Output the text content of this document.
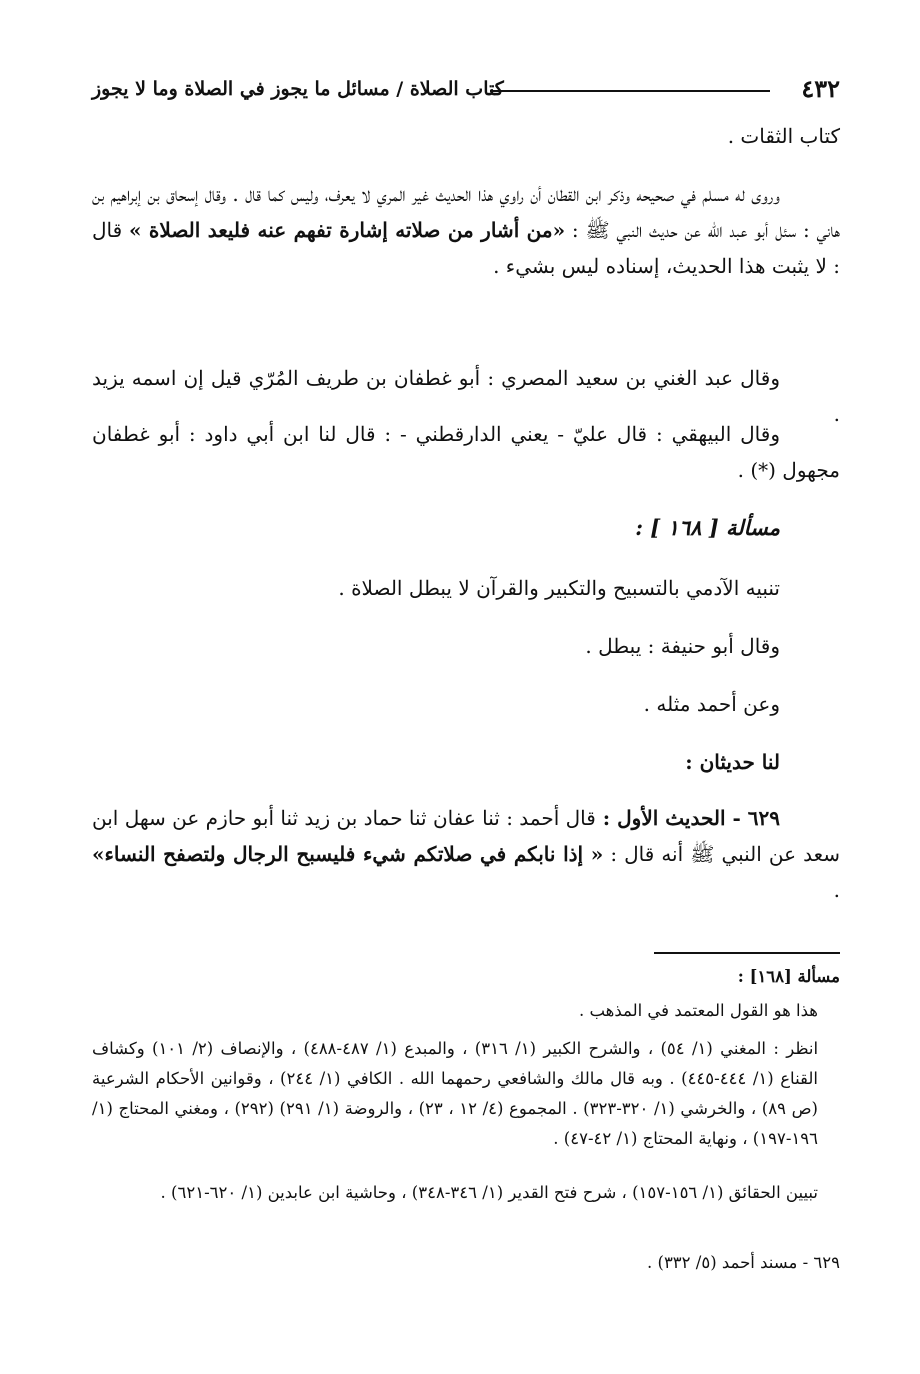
٤٣٢
كتاب الصلاة / مسائل ما يجوز في الصلاة وما لا يجوز
كتاب الثقات .
وروى له مسلم في صحيحه وذكر ابن القطان أن راوي هذا الحديث غير المري لا يعرف، وليس كما قال . وقال إسحاق بن إبراهيم بن هاني : سئل أبو عبد الله عن حديث النبي ﷺ : «من أشار من صلاته إشارة تفهم عنه فليعد الصلاة » قال : لا يثبت هذا الحديث، إسناده ليس بشيء .
وقال عبد الغني بن سعيد المصري : أبو غطفان بن طريف المُرّي قيل إن اسمه يزيد .
وقال البيهقي : قال عليّ - يعني الدارقطني - : قال لنا ابن أبي داود : أبو غطفان مجهول (*) .
مسألة [ ١٦٨ ] :
تنبيه الآدمي بالتسبيح والتكبير والقرآن لا يبطل الصلاة .
وقال أبو حنيفة : يبطل .
وعن أحمد مثله .
لنا حديثان :
٦٢٩ - الحديث الأول : قال أحمد : ثنا عفان ثنا حماد بن زيد ثنا أبو حازم عن سهل ابن سعد عن النبي ﷺ أنه قال : « إذا نابكم في صلاتكم شيء فليسبح الرجال ولتصفح النساء» .
مسألة [١٦٨] :
هذا هو القول المعتمد في المذهب .
انظر : المغني (١/ ٥٤) ، والشرح الكبير (١/ ٣١٦) ، والمبدع (١/ ٤٨٧-٤٨٨) ، والإنصاف (٢/ ١٠١) وكشاف القناع (١/ ٤٤٤-٤٤٥) . وبه قال مالك والشافعي رحمهما الله . الكافي (١/ ٢٤٤) ، وقوانين الأحكام الشرعية (ص ٨٩) ، والخرشي (١/ ٣٢٠-٣٢٣) . المجموع (٤/ ١٢ ، ٢٣) ، والروضة (١/ ٢٩١) (٢٩٢) ، ومغني المحتاج (١/ ١٩٦-١٩٧) ، ونهاية المحتاج (١/ ٤٢-٤٧) .
تبيين الحقائق (١/ ١٥٦-١٥٧) ، شرح فتح القدير (١/ ٣٤٦-٣٤٨) ، وحاشية ابن عابدين (١/ ٦٢٠-٦٢١) .
٦٢٩ - مسند أحمد (٥/ ٣٣٢) .
